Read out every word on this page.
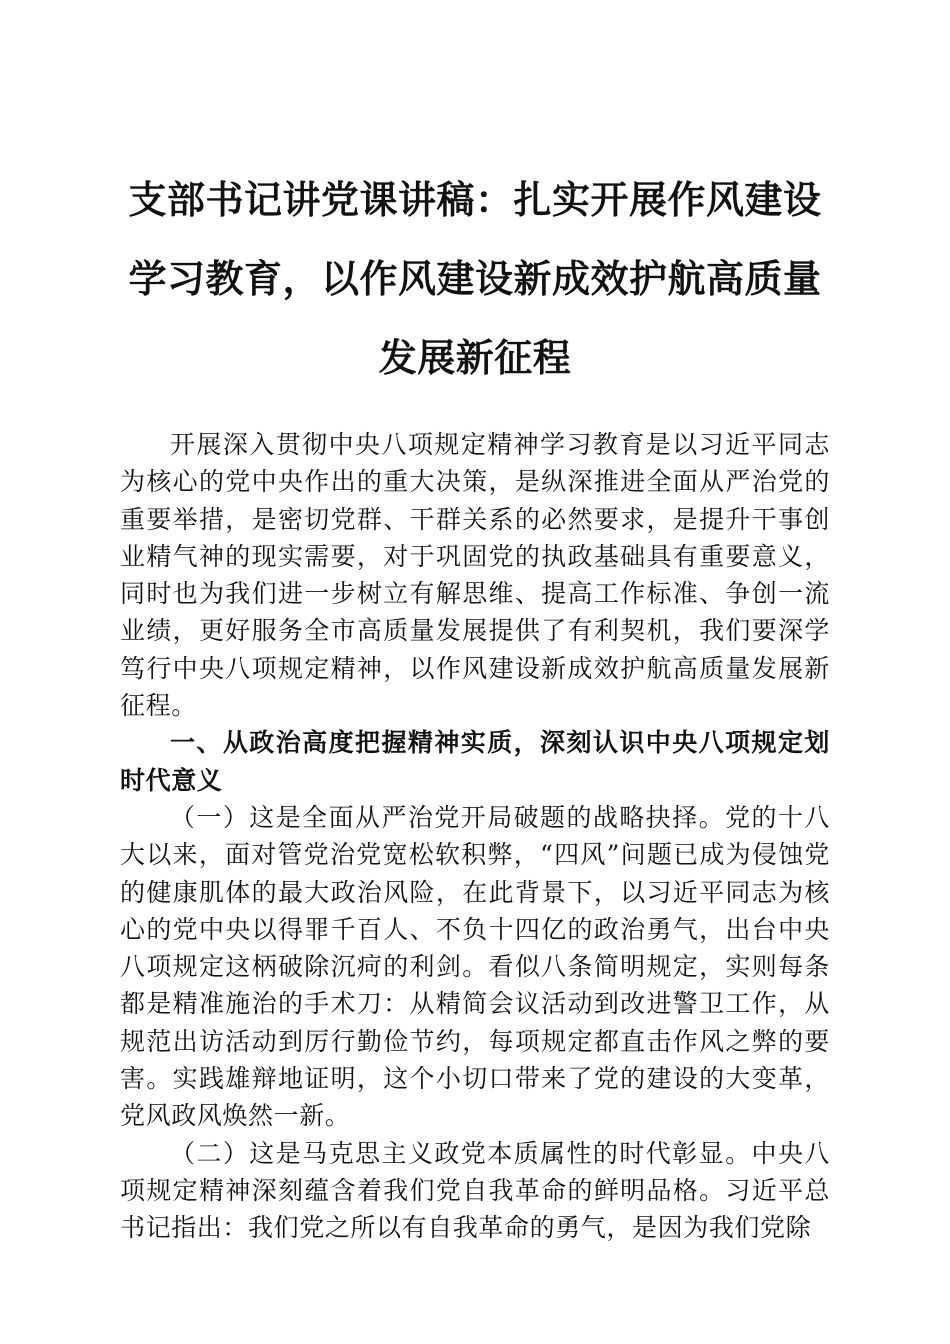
支部书记讲党课讲稿：扎实开展作风建设学习教育，以作风建设新成效护航高质量发展新征程

开展深入贯彻中央八项规定精神学习教育是以习近平同志为核心的党中央作出的重大决策，是纵深推进全面从严治党的重要举措，是密切党群、干群关系的必然要求，是提升干事创业精气神的现实需要，对于巩固党的执政基础具有重要意义，同时也为我们进一步树立有解思维、提高工作标准、争创一流业绩，更好服务全市高质量发展提供了有利契机，我们要深学笃行中央八项规定精神，以作风建设新成效护航高质量发展新征程。

一、从政治高度把握精神实质，深刻认识中央八项规定划时代意义

（一）这是全面从严治党开局破题的战略抉择。党的十八大以来，面对管党治党宽松软积弊，“四风”问题已成为侵蚀党的健康肌体的最大政治风险，在此背景下，以习近平同志为核心的党中央以得罪千百人、不负十四亿的政治勇气，出台中央八项规定这柄破除沉疴的利剑。看似八条简明规定，实则每条都是精准施治的手术刀：从精简会议活动到改进警卫工作，从规范出访活动到厉行勤俭节约，每项规定都直击作风之弊的要害。实践雄辩地证明，这个小切口带来了党的建设的大变革，党风政风焕然一新。

（二）这是马克思主义政党本质属性的时代彰显。中央八项规定精神深刻蕴含着我们党自我革命的鲜明品格。习近平总书记指出：我们党之所以有自我革命的勇气，是因为我们党除
